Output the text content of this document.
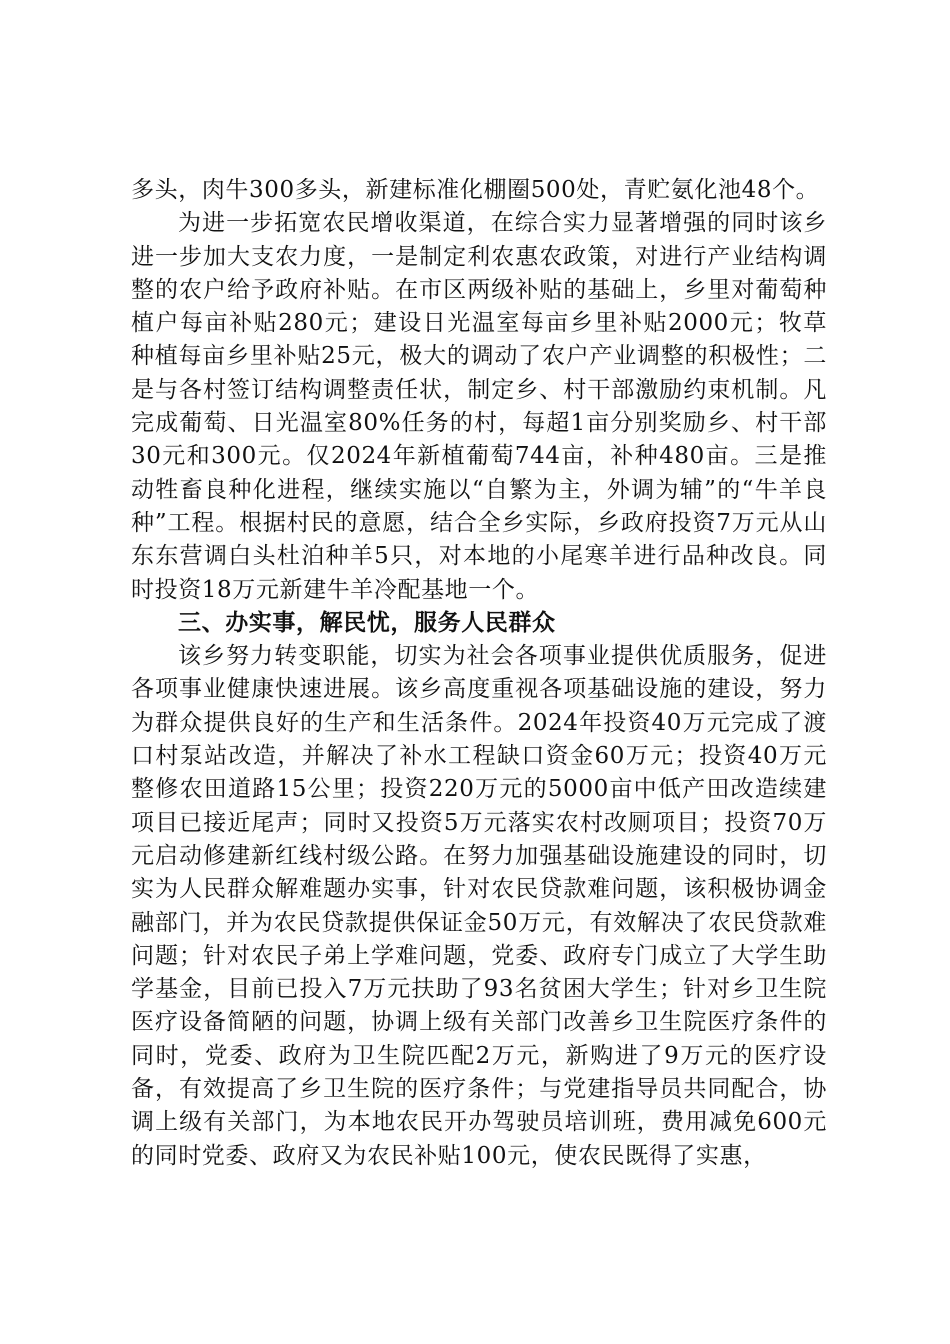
多头，肉牛300多头，新建标准化棚圈500处，青贮氨化池48个。

为进一步拓宽农民增收渠道，在综合实力显著增强的同时该乡进一步加大支农力度，一是制定利农惠农政策，对进行产业结构调整的农户给予政府补贴。在市区两级补贴的基础上，乡里对葡萄种植户每亩补贴280元；建设日光温室每亩乡里补贴2000元；牧草种植每亩乡里补贴25元，极大的调动了农户产业调整的积极性；二是与各村签订结构调整责任状，制定乡、村干部激励约束机制。凡完成葡萄、日光温室80%任务的村，每超1亩分别奖励乡、村干部30元和300元。仅2024年新植葡萄744亩，补种480亩。三是推动牲畜良种化进程，继续实施以“自繁为主，外调为辅”的“牛羊良种”工程。根据村民的意愿，结合全乡实际，乡政府投资7万元从山东东营调白头杜泊种羊5只，对本地的小尾寒羊进行品种改良。同时投资18万元新建牛羊冷配基地一个。

三、办实事，解民忧，服务人民群众

该乡努力转变职能，切实为社会各项事业提供优质服务，促进各项事业健康快速进展。该乡高度重视各项基础设施的建设，努力为群众提供良好的生产和生活条件。2024年投资40万元完成了渡口村泵站改造，并解决了补水工程缺口资金60万元；投资40万元整修农田道路15公里；投资220万元的5000亩中低产田改造续建项目已接近尾声；同时又投资5万元落实农村改厕项目；投资70万元启动修建新红线村级公路。在努力加强基础设施建设的同时，切实为人民群众解难题办实事，针对农民贷款难问题，该积极协调金融部门，并为农民贷款提供保证金50万元，有效解决了农民贷款难问题；针对农民子弟上学难问题，党委、政府专门成立了大学生助学基金，目前已投入7万元扶助了93名贫困大学生；针对乡卫生院医疗设备简陋的问题，协调上级有关部门改善乡卫生院医疗条件的同时，党委、政府为卫生院匹配2万元，新购进了9万元的医疗设备，有效提高了乡卫生院的医疗条件；与党建指导员共同配合，协调上级有关部门，为本地农民开办驾驶员培训班，费用减免600元的同时党委、政府又为农民补贴100元，使农民既得了实惠，
